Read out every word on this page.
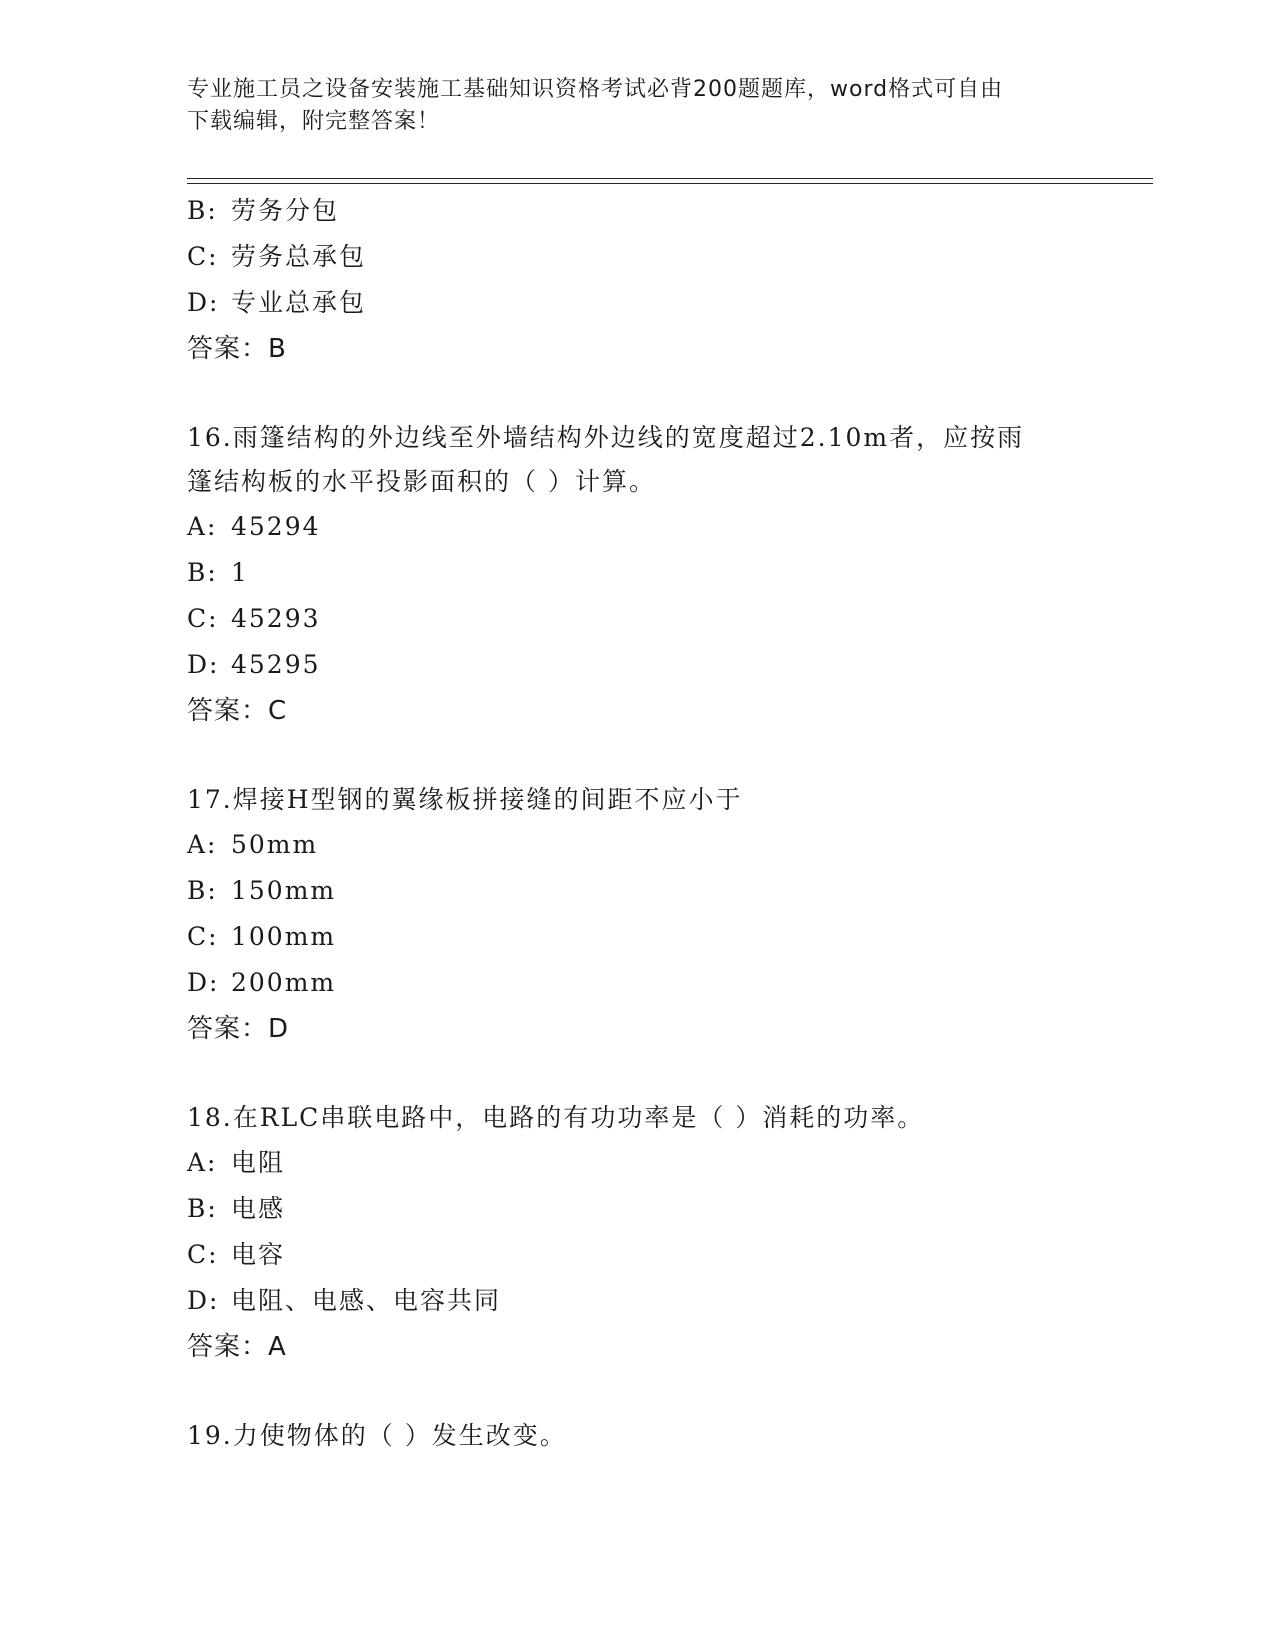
专业施工员之设备安装施工基础知识资格考试必背200题题库，word格式可自由
下载编辑，附完整答案！
B: 劳务分包
C: 劳务总承包
D: 专业总承包
答案：B
16.雨篷结构的外边线至外墙结构外边线的宽度超过2.10m者，应按雨
篷结构板的水平投影面积的（ ）计算。
A: 45294
B: 1
C: 45293
D: 45295
答案：C
17.焊接H型钢的翼缘板拼接缝的间距不应小于
A: 50mm
B: 150mm
C: 100mm
D: 200mm
答案：D
18.在RLC串联电路中，电路的有功功率是（ ）消耗的功率。
A: 电阻
B: 电感
C: 电容
D: 电阻、电感、电容共同
答案：A
19.力使物体的（ ）发生改变。
